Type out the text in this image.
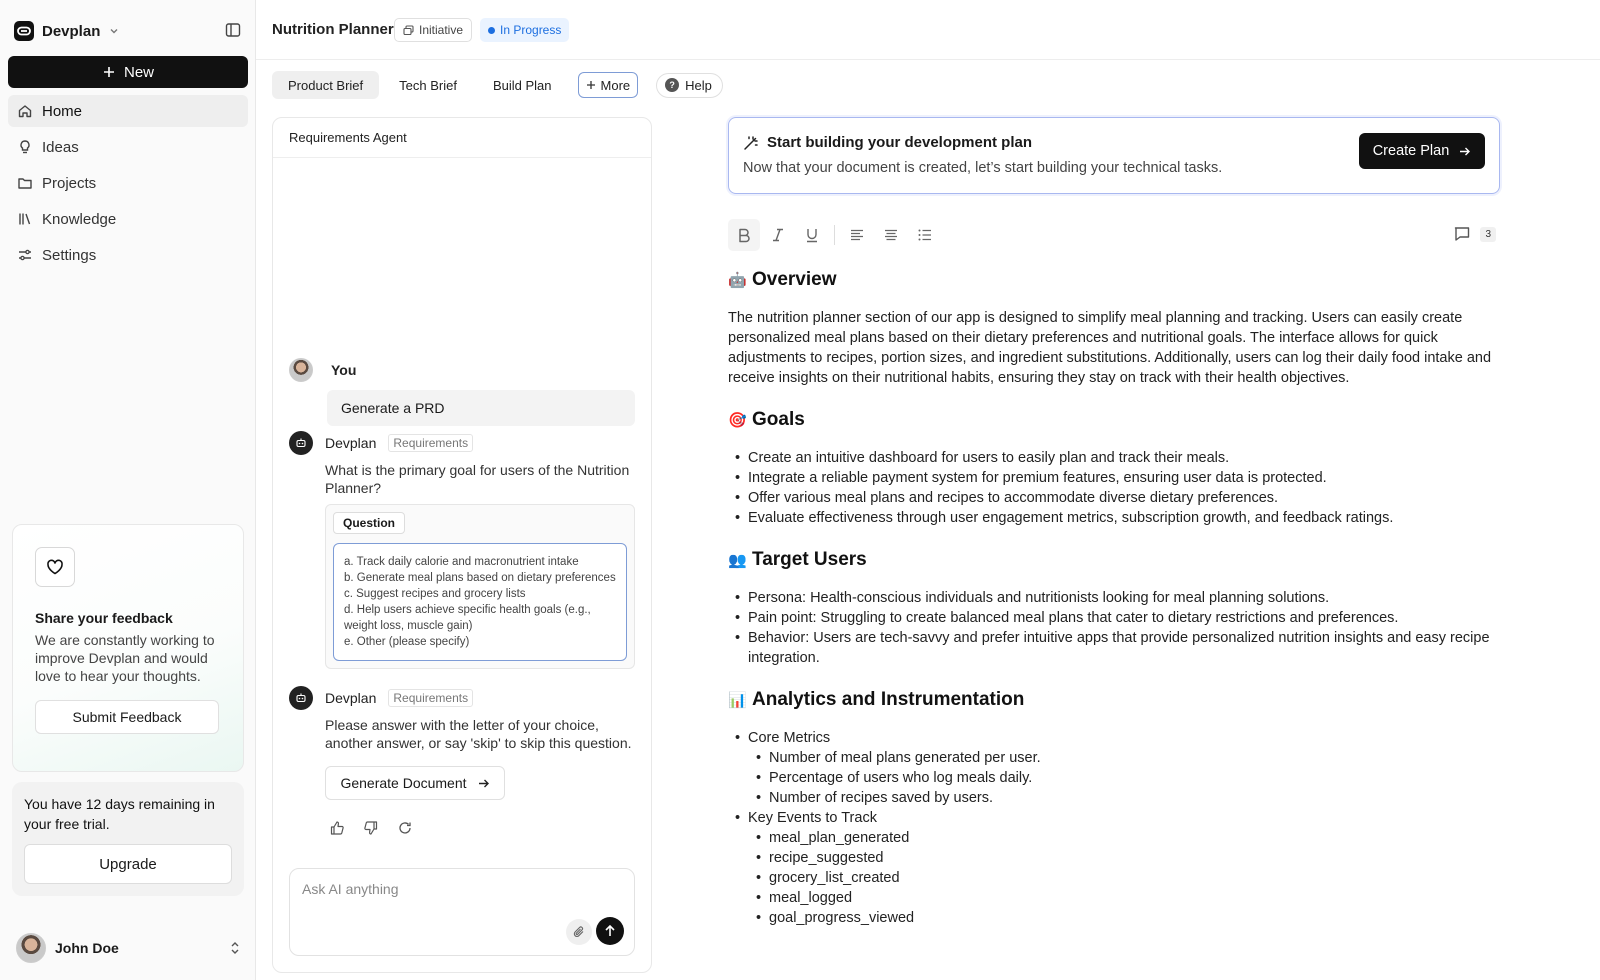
Devplan
New
Home
Ideas
Projects
Knowledge
Settings
Share your feedback
We are constantly working to improve Devplan and would love to hear your thoughts.
Submit Feedback
You have 12 days remaining in your free trial.
Upgrade
John Doe
Nutrition Planner Initiative	In Progress
Product Brief	Tech Brief	Build Plan	More	? Help
Requirements Agent
You
Generate a PRD
Devplan	Requirements
What is the primary goal for users of the Nutrition Planner?
Question
a. Track daily calorie and macronutrient intake
b. Generate meal plans based on dietary preferences
c. Suggest recipes and grocery lists
d. Help users achieve specific health goals (e.g., weight loss, muscle gain)
e. Other (please specify)
Devplan	Requirements
Please answer with the letter of your choice, another answer, or say 'skip' to skip this question.
Generate Document
Ask AI anything
Start building your development plan
Now that your document is created, let’s start building your technical tasks.
Create Plan
3
🤖 Overview

The nutrition planner section of our app is designed to simplify meal planning and tracking. Users can easily create personalized meal plans based on their dietary preferences and nutritional goals. The interface allows for quick adjustments to recipes, portion sizes, and ingredient substitutions. Additionally, users can log their daily food intake and receive insights on their nutritional habits, ensuring they stay on track with their health objectives.

🎯 Goals
• Create an intuitive dashboard for users to easily plan and track their meals.
• Integrate a reliable payment system for premium features, ensuring user data is protected.
• Offer various meal plans and recipes to accommodate diverse dietary preferences.
• Evaluate effectiveness through user engagement metrics, subscription growth, and feedback ratings.
👥 Target Users
• Persona: Health-conscious individuals and nutritionists looking for meal planning solutions.
• Pain point: Struggling to create balanced meal plans that cater to dietary restrictions and preferences.
• Behavior: Users are tech-savvy and prefer intuitive apps that provide personalized nutrition insights and easy recipe integration.
📊 Analytics and Instrumentation
• Core Metrics
• Number of meal plans generated per user.
• Percentage of users who log meals daily.
• Number of recipes saved by users.
• Key Events to Track
• meal_plan_generated
• recipe_suggested
• grocery_list_created
• meal_logged
• goal_progress_viewed
